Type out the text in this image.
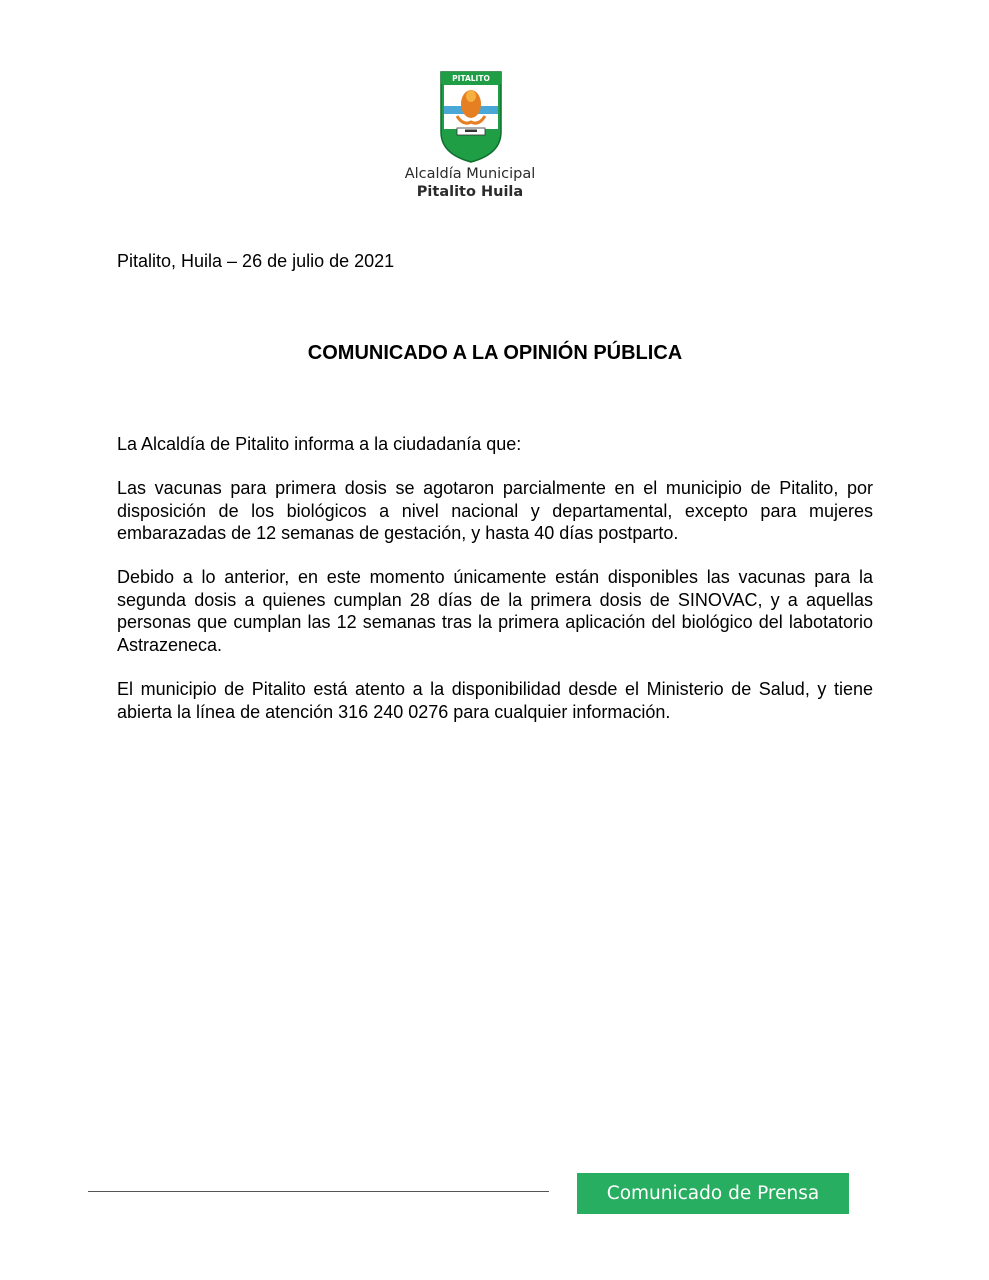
PITALITO
Alcaldía Municipal
Pitalito Huila
Pitalito, Huila – 26 de julio de 2021
COMUNICADO A LA OPINIÓN PÚBLICA

La Alcaldía de Pitalito informa a la ciudadanía que:

Las vacunas para primera dosis se agotaron parcialmente en el municipio de Pitalito, por disposición de los biológicos a nivel nacional y departamental, excepto para mujeres embarazadas de 12 semanas de gestación, y hasta 40 días postparto.

Debido a lo anterior, en este momento únicamente están disponibles las vacunas para la segunda dosis a quienes cumplan 28 días de la primera dosis de SINOVAC, y a aquellas personas que cumplan las 12 semanas tras la primera aplicación del biológico del labotatorio Astrazeneca.

El municipio de Pitalito está atento a la disponibilidad desde el Ministerio de Salud, y tiene abierta la línea de atención 316 240 0276 para cualquier información.

Comunicado de Prensa
